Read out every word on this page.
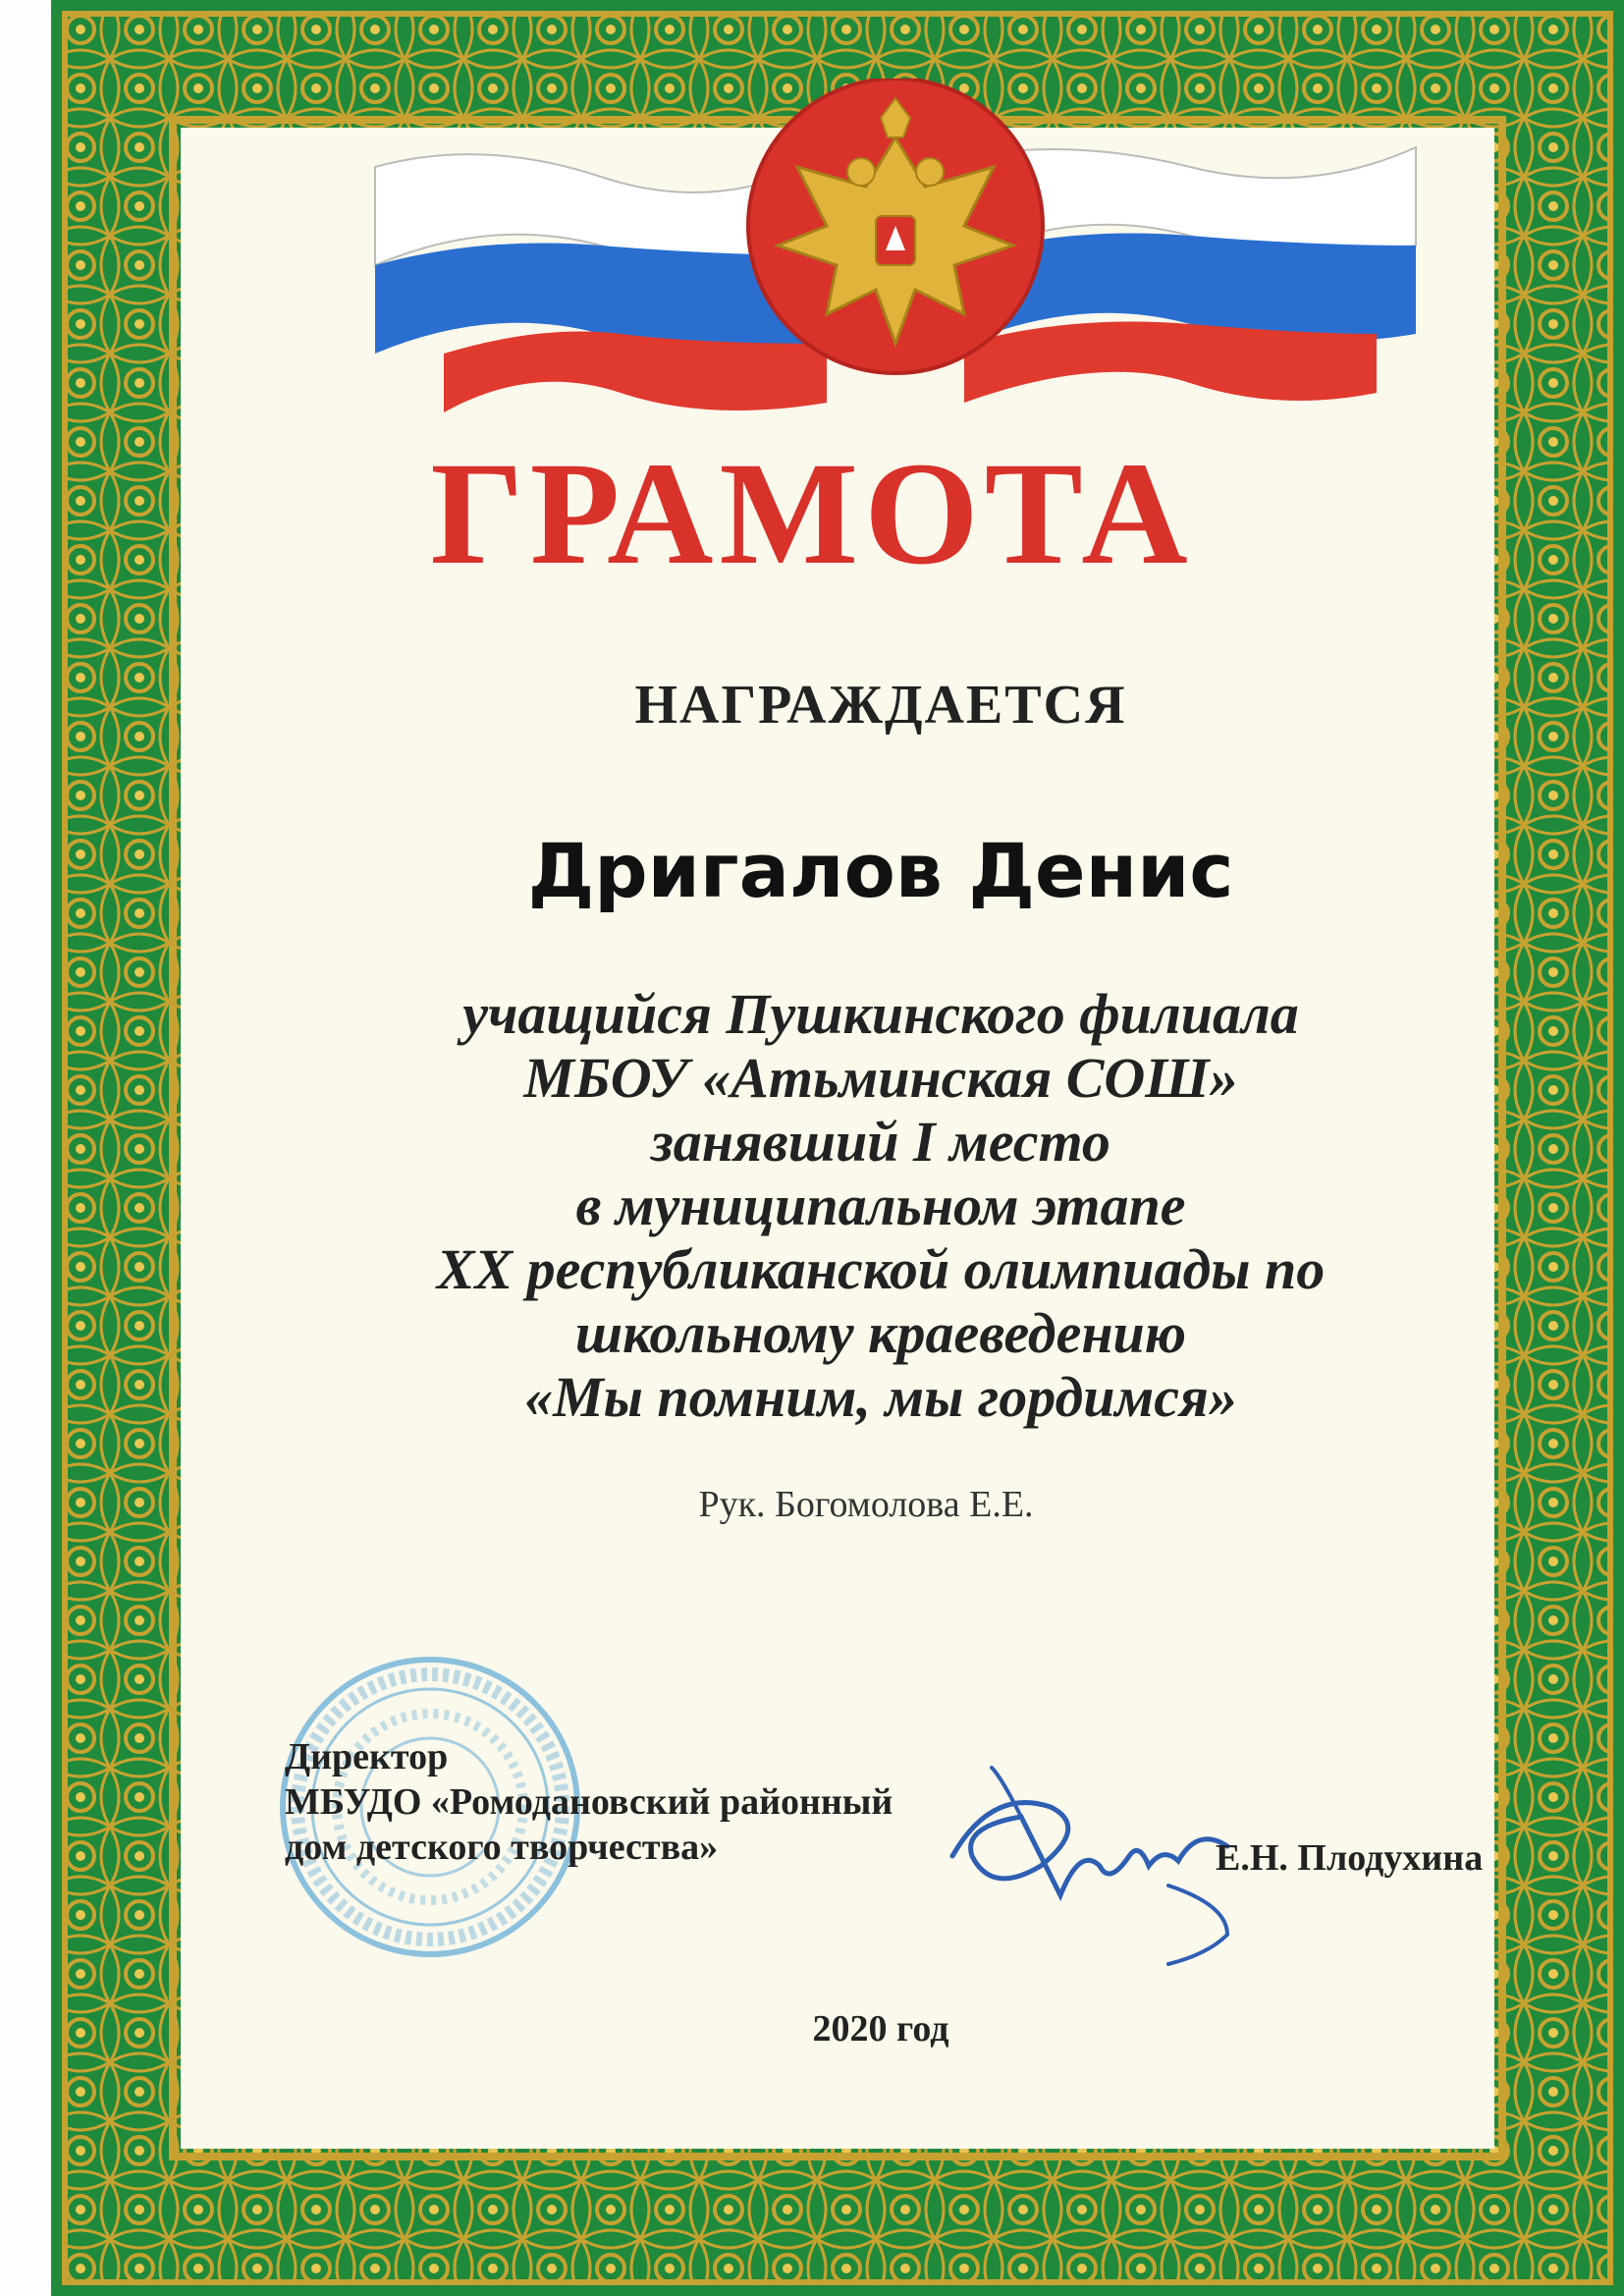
ГРАМОТА

НАГРАЖДАЕТСЯ

Дригалов Денис

учащийся Пушкинского филиала
МБОУ «Атьминская СОШ»
занявший I место
в муниципальном этапе
XX республиканской олимпиады по
школьному краеведению
«Мы помним, мы гордимся»

Рук. Богомолова Е.Е.

Директор
МБУДО «Ромодановский районный
дом детского творчества»	Е.Н. Плодухина

2020 год
